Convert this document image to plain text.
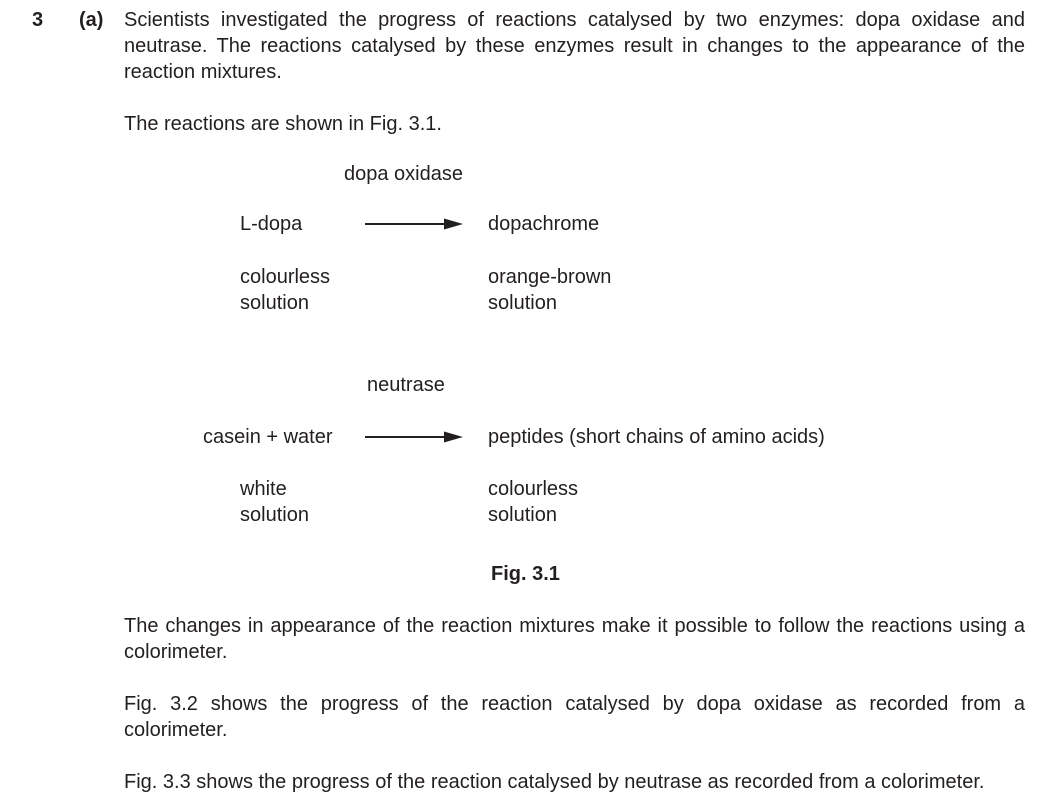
3 (a) Scientists investigated the progress of reactions catalysed by two enzymes: dopa oxidase and neutrase. The reactions catalysed by these enzymes result in changes to the appearance of the reaction mixtures.
The reactions are shown in Fig. 3.1.
dopa oxidase
L-dopa	dopachrome
colourless
solution
orange-brown
solution
neutrase
casein + water	peptides (short chains of amino acids)
white
solution
colourless
solution
Fig. 3.1
The changes in appearance of the reaction mixtures make it possible to follow the reactions using a colorimeter.
Fig. 3.2 shows the progress of the reaction catalysed by dopa oxidase as recorded from a colorimeter.
Fig. 3.3 shows the progress of the reaction catalysed by neutrase as recorded from a colorimeter.
